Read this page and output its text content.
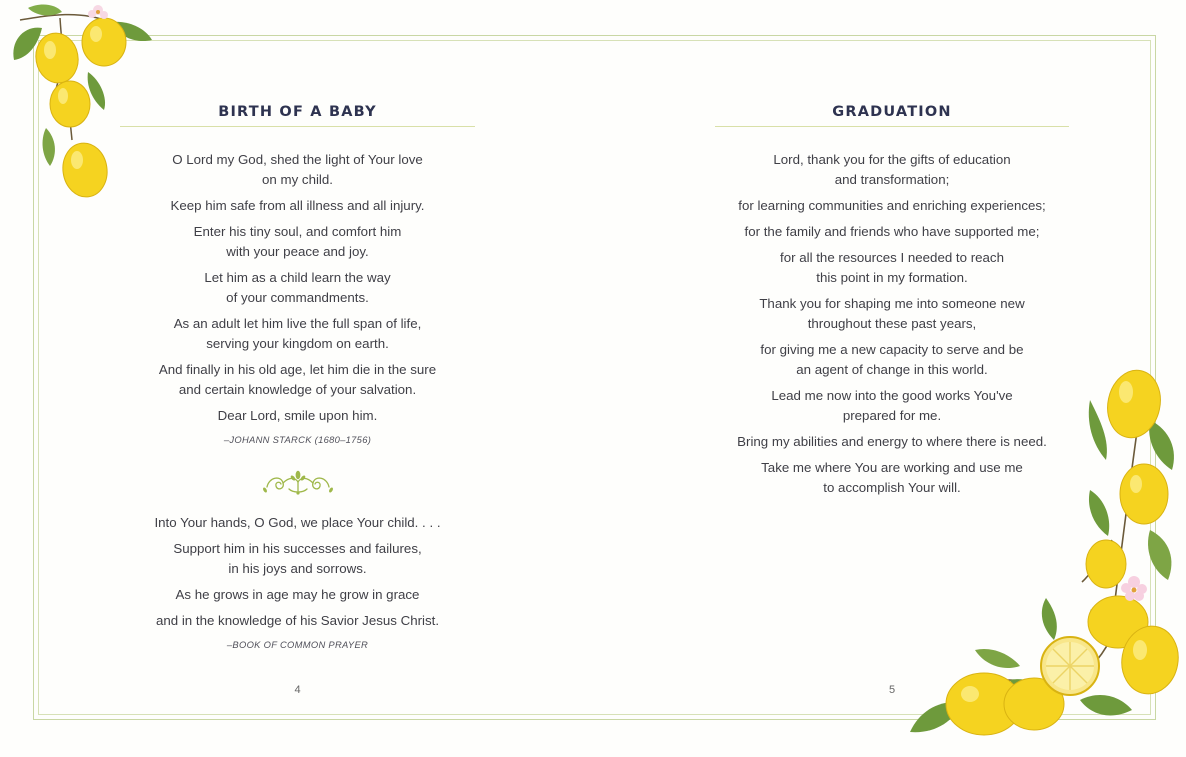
BIRTH OF A BABY

O Lord my God, shed the light of Your love
on my child.

Keep him safe from all illness and all injury.

Enter his tiny soul, and comfort him
with your peace and joy.

Let him as a child learn the way
of your commandments.

As an adult let him live the full span of life,
serving your kingdom on earth.

And finally in his old age, let him die in the sure
and certain knowledge of your salvation.

Dear Lord, smile upon him.

–JOHANN STARCK (1680–1756)

Into Your hands, O God, we place Your child. . . .

Support him in his successes and failures,
in his joys and sorrows.

As he grows in age may he grow in grace

and in the knowledge of his Savior Jesus Christ.

–BOOK OF COMMON PRAYER

4
GRADUATION

Lord, thank you for the gifts of education
and transformation;

for learning communities and enriching experiences;

for the family and friends who have supported me;

for all the resources I needed to reach
this point in my formation.

Thank you for shaping me into someone new
throughout these past years,

for giving me a new capacity to serve and be
an agent of change in this world.

Lead me now into the good works You've
prepared for me.

Bring my abilities and energy to where there is need.

Take me where You are working and use me
to accomplish Your will.

5
